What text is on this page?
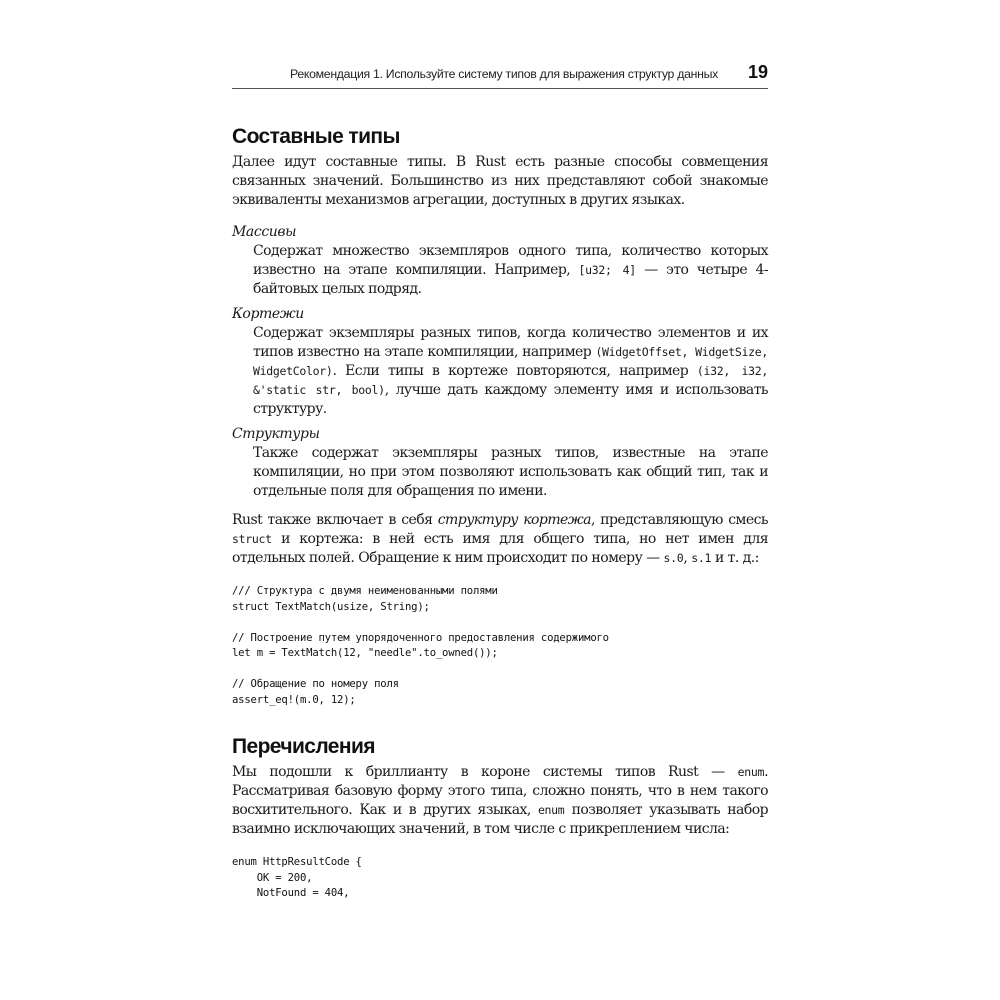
Рекомендация 1. Используйте систему типов для выражения структур данных 19
Составные типы

Далее идут составные типы. В Rust есть разные способы совмещения связанных значений. Большинство из них представляют собой знакомые эквиваленты механизмов агрегации, доступных в других языках.

Массивы

Содержат множество экземпляров одного типа, количество которых известно на этапе компиляции. Например, [u32; 4] — это четыре 4-байтовых целых подряд.

Кортежи

Содержат экземпляры разных типов, когда количество элементов и их типов известно на этапе компиляции, например (WidgetOffset, WidgetSize, WidgetColor). Если типы в кортеже повторяются, например (i32, i32, &'static str, bool), лучше дать каждому элементу имя и использовать структуру.

Структуры

Также содержат экземпляры разных типов, известные на этапе компиляции, но при этом позволяют использовать как общий тип, так и отдельные поля для обращения по имени.

Rust также включает в себя структуру кортежа, представляющую смесь struct и кортежа: в ней есть имя для общего типа, но нет имен для отдельных полей. Обращение к ним происходит по номеру — s.0, s.1 и т. д.:

/// Структура с двумя неименованными полями
struct TextMatch(usize, String);
// Построение путем упорядоченного предоставления содержимого
let m = TextMatch(12, "needle".to_owned());
// Обращение по номеру поля
assert_eq!(m.0, 12);
Перечисления

Мы подошли к бриллианту в короне системы типов Rust — enum. Рассматривая базовую форму этого типа, сложно понять, что в нем такого восхитительного. Как и в других языках, enum позволяет указывать набор взаимно исключающих значений, в том числе с прикреплением числа:

enum HttpResultCode {
OK = 200,
NotFound = 404,
